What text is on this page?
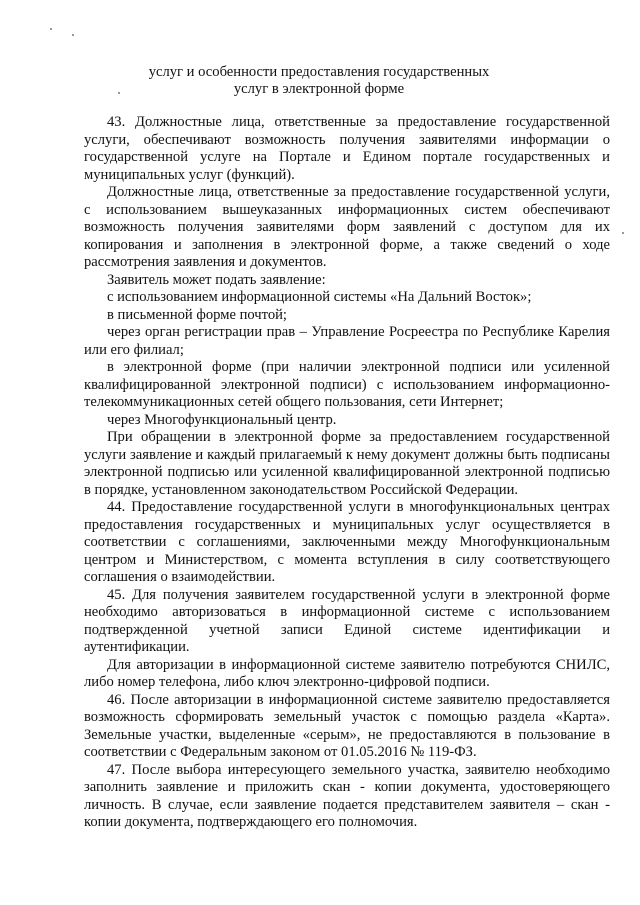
услуг и особенности предоставления государственных
услуг в электронной форме

43. Должностные лица, ответственные за предоставление государственной услуги, обеспечивают возможность получения заявителями информации о государственной услуге на Портале и Едином портале государственных и муниципальных услуг (функций).

Должностные лица, ответственные за предоставление государственной услуги, с использованием вышеуказанных информационных систем обеспечивают возможность получения заявителями форм заявлений с доступом для их копирования и заполнения в электронной форме, а также сведений о ходе рассмотрения заявления и документов.

Заявитель может подать заявление:

с использованием информационной системы «На Дальний Восток»;

в письменной форме почтой;

через орган регистрации прав – Управление Росреестра по Республике Карелия или его филиал;

в электронной форме (при наличии электронной подписи или усиленной квалифицированной электронной подписи) с использованием информационно-телекоммуникационных сетей общего пользования, сети Интернет;

через Многофункциональный центр.

При обращении в электронной форме за предоставлением государственной услуги заявление и каждый прилагаемый к нему документ должны быть подписаны электронной подписью или усиленной квалифицированной электронной подписью в порядке, установленном законодательством Российской Федерации.

44. Предоставление государственной услуги в многофункциональных центрах предоставления государственных и муниципальных услуг осуществляется в соответствии с соглашениями, заключенными между Многофункциональным центром и Министерством, с момента вступления в силу соответствующего соглашения о взаимодействии.

45. Для получения заявителем государственной услуги в электронной форме необходимо авторизоваться в информационной системе с использованием подтвержденной учетной записи Единой системе идентификации и аутентификации.

Для авторизации в информационной системе заявителю потребуются СНИЛС, либо номер телефона, либо ключ электронно-цифровой подписи.

46. После авторизации в информационной системе заявителю предоставляется возможность сформировать земельный участок с помощью раздела «Карта». Земельные участки, выделенные «серым», не предоставляются в пользование в соответствии с Федеральным законом от 01.05.2016 № 119-ФЗ.

47. После выбора интересующего земельного участка, заявителю необходимо заполнить заявление и приложить скан - копии документа, удостоверяющего личность. В случае, если заявление подается представителем заявителя – скан - копии документа, подтверждающего его полномочия.
